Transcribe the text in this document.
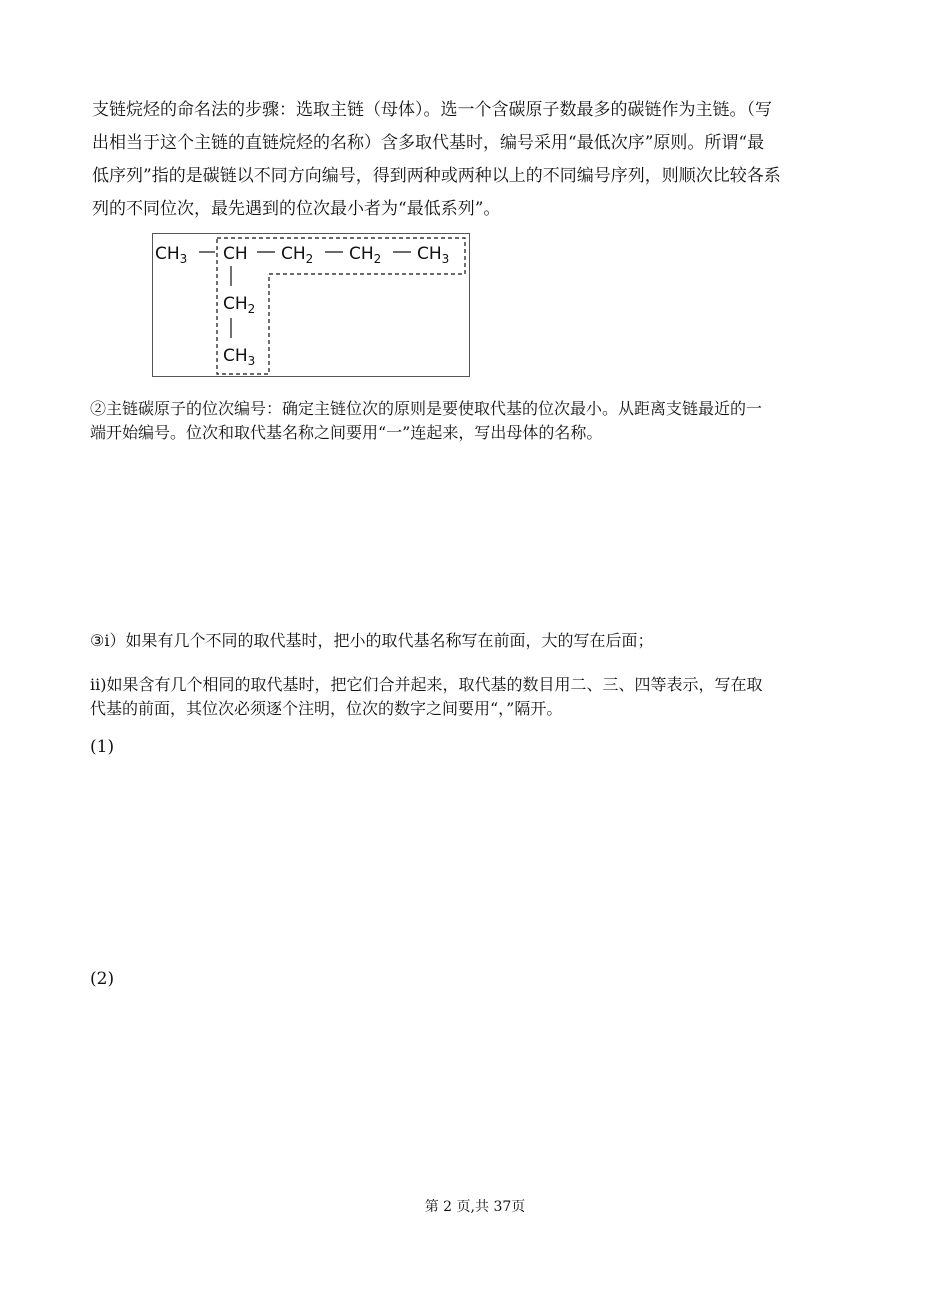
支链烷烃的命名法的步骤：选取主链（母体）。选一个含碳原子数最多的碳链作为主链。（写
出相当于这个主链的直链烷烃的名称）含多取代基时，编号采用“最低次序”原则。所谓“最
低序列”指的是碳链以不同方向编号，得到两种或两种以上的不同编号序列，则顺次比较各系
列的不同位次，最先遇到的位次最小者为“最低系列”。
$CH_3$ CH $CH_2$ $CH_2$ $CH_3$
$CH_2$
$CH_3$
②主链碳原子的位次编号：确定主链位次的原则是要使取代基的位次最小。从距离支链最近的一
端开始编号。位次和取代基名称之间要用“一”连起来，写出母体的名称。
③i）如果有几个不同的取代基时，把小的取代基名称写在前面，大的写在后面；
ii)如果含有几个相同的取代基时，把它们合并起来，取代基的数目用二、三、四等表示，写在取
代基的前面，其位次必须逐个注明，位次的数字之间要用“，”隔开。
(1)
(2)
第 2 页,共 37页
